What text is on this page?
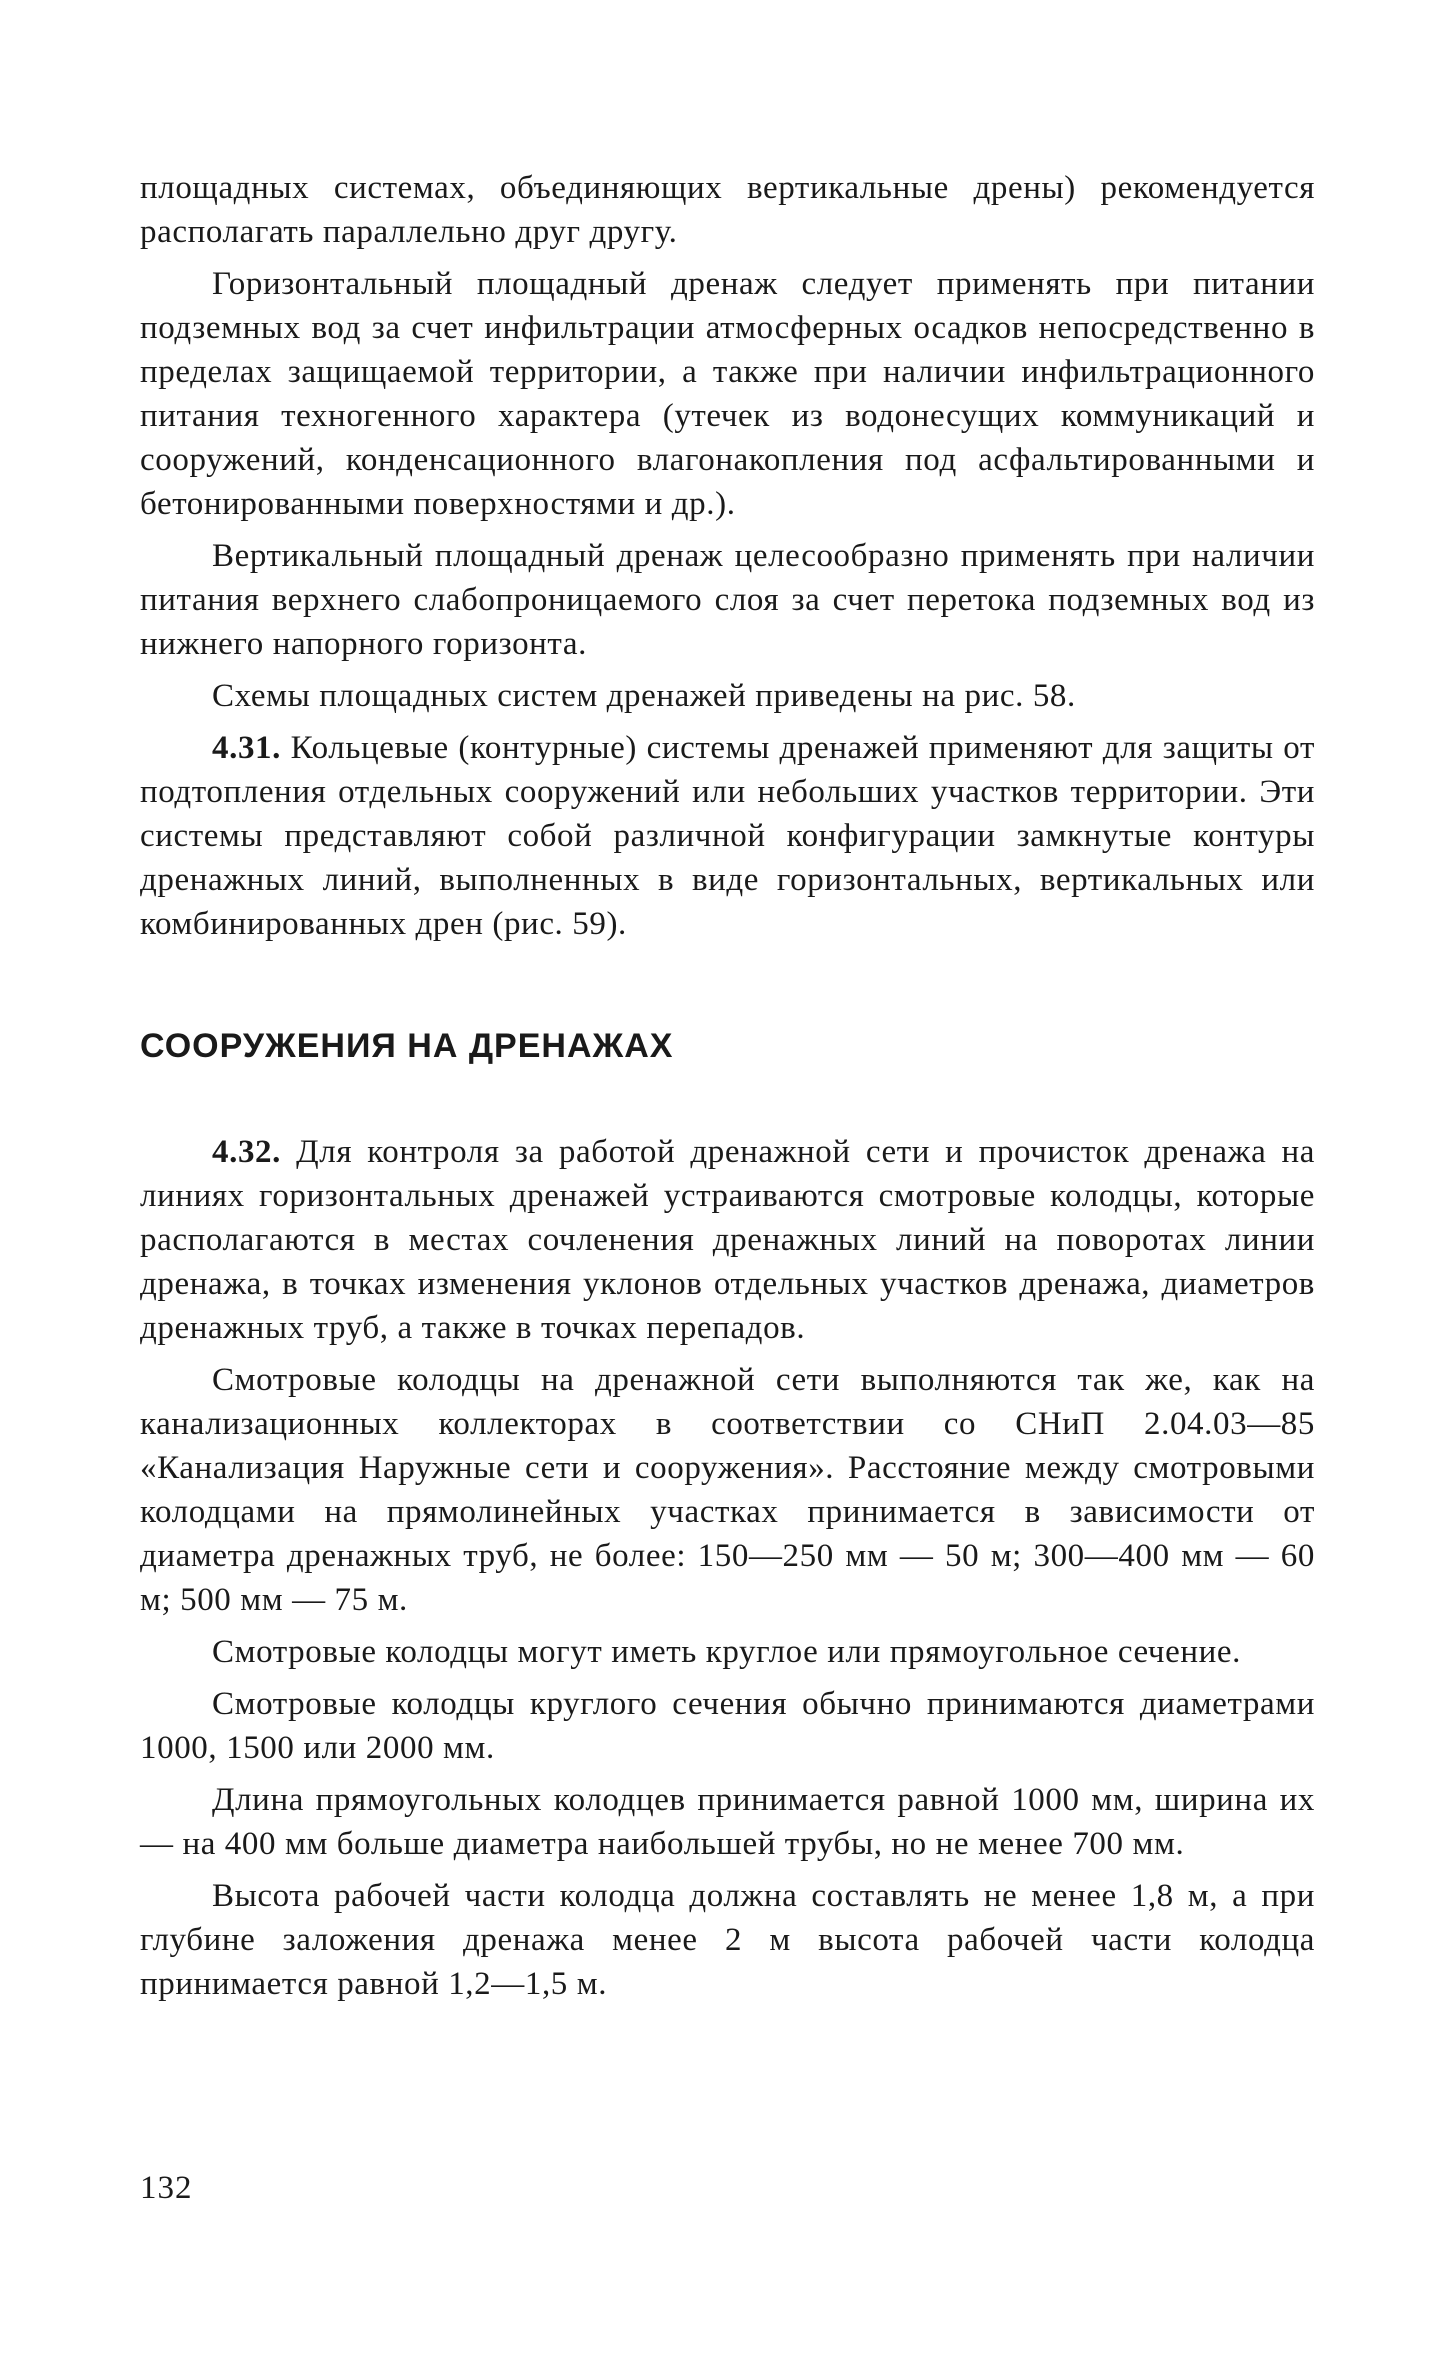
площадных системах, объединяющих вертикальные дрены) рекомендуется располагать параллельно друг другу.

Горизонтальный площадный дренаж следует применять при питании подземных вод за счет инфильтрации атмосферных осадков непосредственно в пределах защищаемой территории, а также при наличии инфильтрационного питания техногенного характера (утечек из водонесущих коммуникаций и сооружений, конденсационного влагонакопления под асфальтированными и бетонированными поверхностями и др.).

Вертикальный площадный дренаж целесообразно применять при наличии питания верхнего слабопроницаемого слоя за счет перетока подземных вод из нижнего напорного горизонта.

Схемы площадных систем дренажей приведены на рис. 58.

4.31. Кольцевые (контурные) системы дренажей применяют для защиты от подтопления отдельных сооружений или небольших участков территории. Эти системы представляют собой различной конфигурации замкнутые контуры дренажных линий, выполненных в виде горизонтальных, вертикальных или комбинированных дрен (рис. 59).

СООРУЖЕНИЯ НА ДРЕНАЖАХ

4.32. Для контроля за работой дренажной сети и прочисток дренажа на линиях горизонтальных дренажей устраиваются смотровые колодцы, которые располагаются в местах сочленения дренажных линий на поворотах линии дренажа, в точках изменения уклонов отдельных участков дренажа, диаметров дренажных труб, а также в точках перепадов.

Смотровые колодцы на дренажной сети выполняются так же, как на канализационных коллекторах в соответствии со СНиП 2.04.03—85 «Канализация Наружные сети и сооружения». Расстояние между смотровыми колодцами на прямолинейных участках принимается в зависимости от диаметра дренажных труб, не более: 150—250 мм — 50 м; 300—400 мм — 60 м; 500 мм — 75 м.

Смотровые колодцы могут иметь круглое или прямоугольное сечение.

Смотровые колодцы круглого сечения обычно принимаются диаметрами 1000, 1500 или 2000 мм.

Длина прямоугольных колодцев принимается равной 1000 мм, ширина их — на 400 мм больше диаметра наибольшей трубы, но не менее 700 мм.

Высота рабочей части колодца должна составлять не менее 1,8 м, а при глубине заложения дренажа менее 2 м высота рабочей части колодца принимается равной 1,2—1,5 м.

132
